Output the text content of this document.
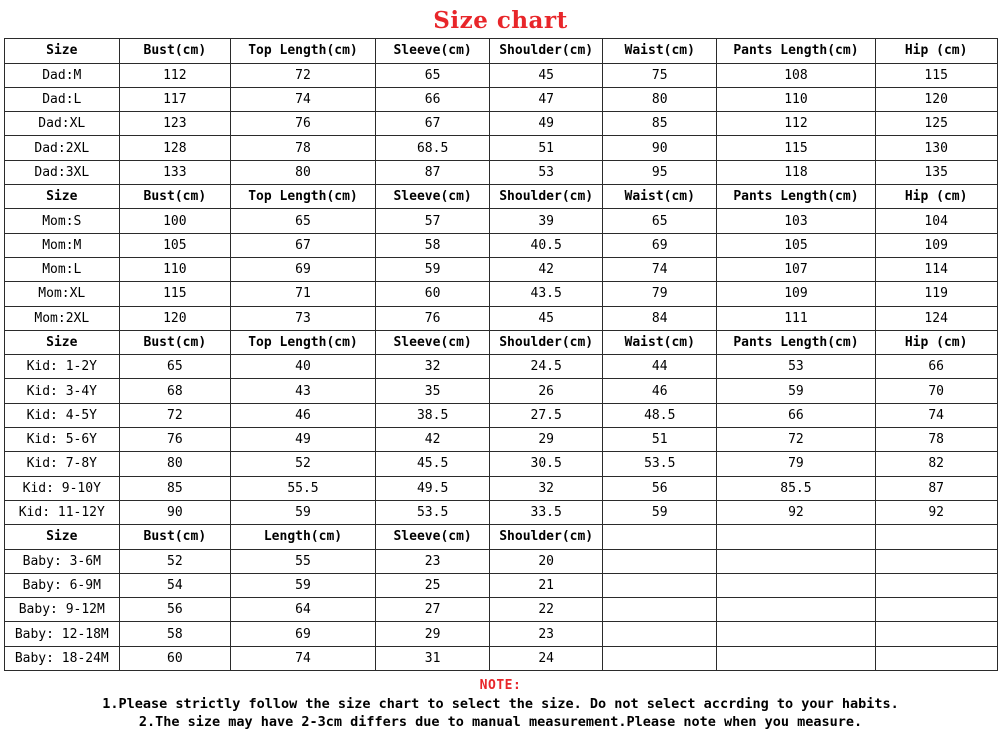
Size chart
Size	Bust(cm)	Top Length(cm)	Sleeve(cm)	Shoulder(cm)	Waist(cm)	Pants Length(cm)	Hip (cm)
Dad:M	112	72	65	45	75	108	115
Dad:L	117	74	66	47	80	110	120
Dad:XL	123	76	67	49	85	112	125
Dad:2XL	128	78	68.5	51	90	115	130
Dad:3XL	133	80	87	53	95	118	135
Size	Bust(cm)	Top Length(cm)	Sleeve(cm)	Shoulder(cm)	Waist(cm)	Pants Length(cm)	Hip (cm)
Mom:S	100	65	57	39	65	103	104
Mom:M	105	67	58	40.5	69	105	109
Mom:L	110	69	59	42	74	107	114
Mom:XL	115	71	60	43.5	79	109	119
Mom:2XL	120	73	76	45	84	111	124
Size	Bust(cm)	Top Length(cm)	Sleeve(cm)	Shoulder(cm)	Waist(cm)	Pants Length(cm)	Hip (cm)
Kid: 1-2Y	65	40	32	24.5	44	53	66
Kid: 3-4Y	68	43	35	26	46	59	70
Kid: 4-5Y	72	46	38.5	27.5	48.5	66	74
Kid: 5-6Y	76	49	42	29	51	72	78
Kid: 7-8Y	80	52	45.5	30.5	53.5	79	82
Kid: 9-10Y	85	55.5	49.5	32	56	85.5	87
Kid: 11-12Y	90	59	53.5	33.5	59	92	92
Size	Bust(cm)	Length(cm)	Sleeve(cm)	Shoulder(cm)			
Baby: 3-6M	52	55	23	20			
Baby: 6-9M	54	59	25	21			
Baby: 9-12M	56	64	27	22			
Baby: 12-18M	58	69	29	23			
Baby: 18-24M	60	74	31	24			
NOTE:
1.Please strictly follow the size chart to select the size. Do not select accrding to your habits.
2.The size may have 2-3cm differs due to manual measurement.Please note when you measure.
